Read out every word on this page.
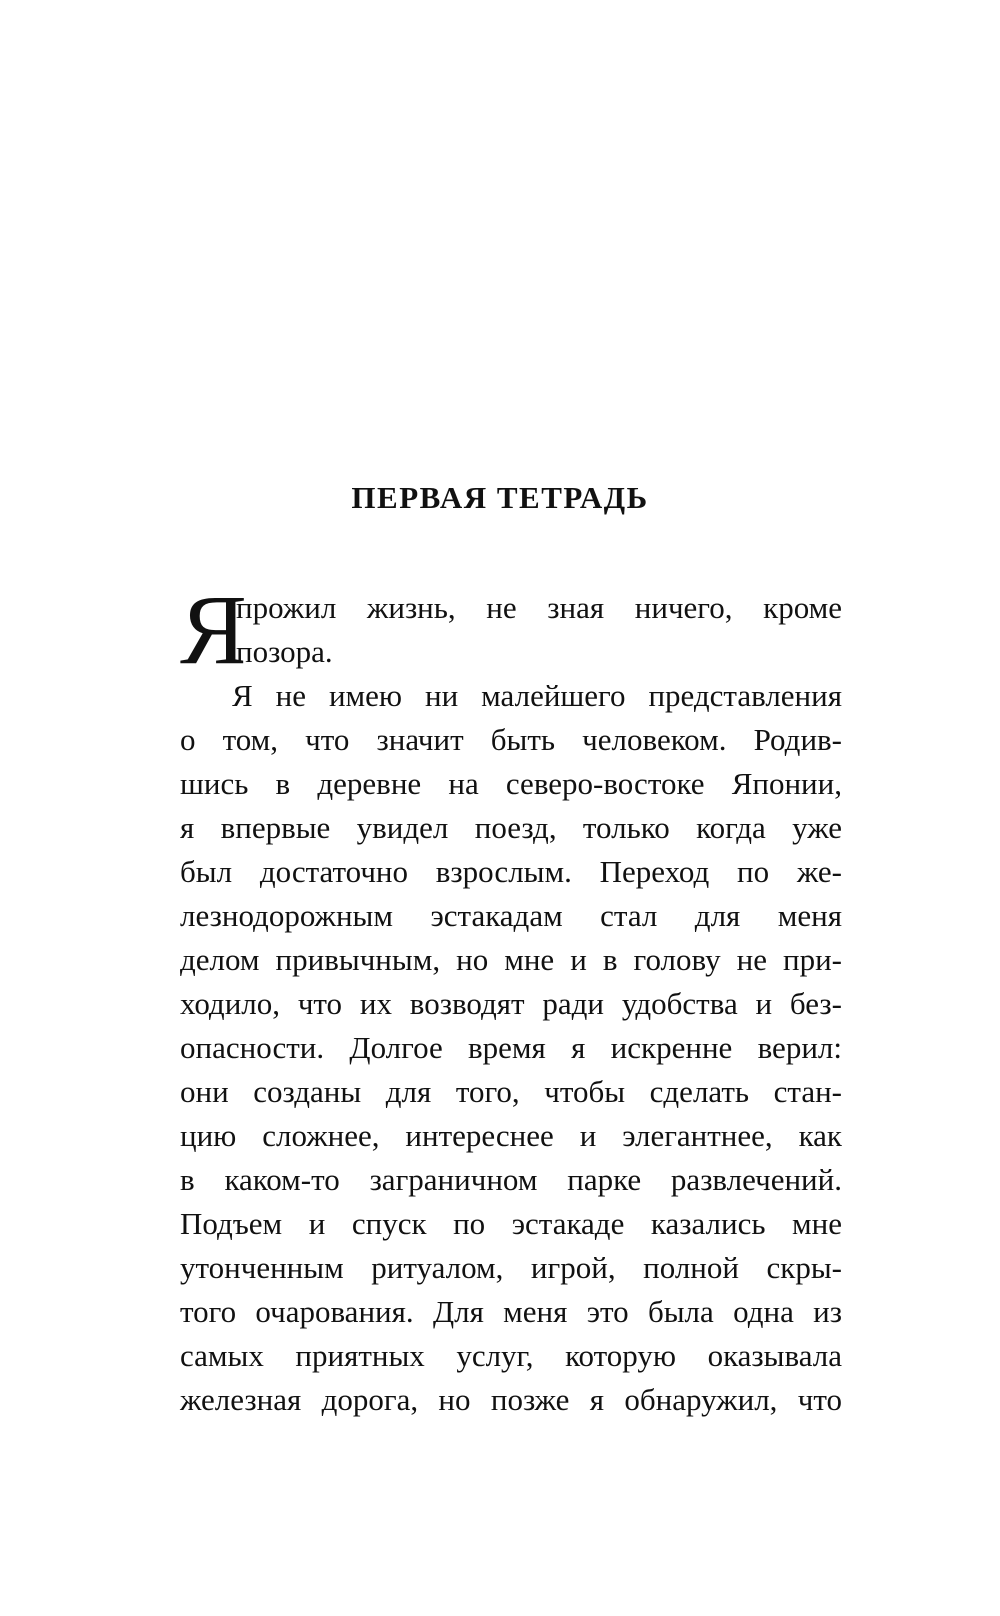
ПЕРВАЯ ТЕТРАДЬ
Я
прожил жизнь, не зная ничего, кроме
позора.
Я не имею ни малейшего представления
о том, что значит быть человеком. Родив-
шись в деревне на северо-востоке Японии,
я впервые увидел поезд, только когда уже
был достаточно взрослым. Переход по же-
лезнодорожным эстакадам стал для меня
делом привычным, но мне и в голову не при-
ходило, что их возводят ради удобства и без-
опасности. Долгое время я искренне верил:
они созданы для того, чтобы сделать стан-
цию сложнее, интереснее и элегантнее, как
в каком-то заграничном парке развлечений.
Подъем и спуск по эстакаде казались мне
утонченным ритуалом, игрой, полной скры-
того очарования. Для меня это была одна из
самых приятных услуг, которую оказывала
железная дорога, но позже я обнаружил, что
